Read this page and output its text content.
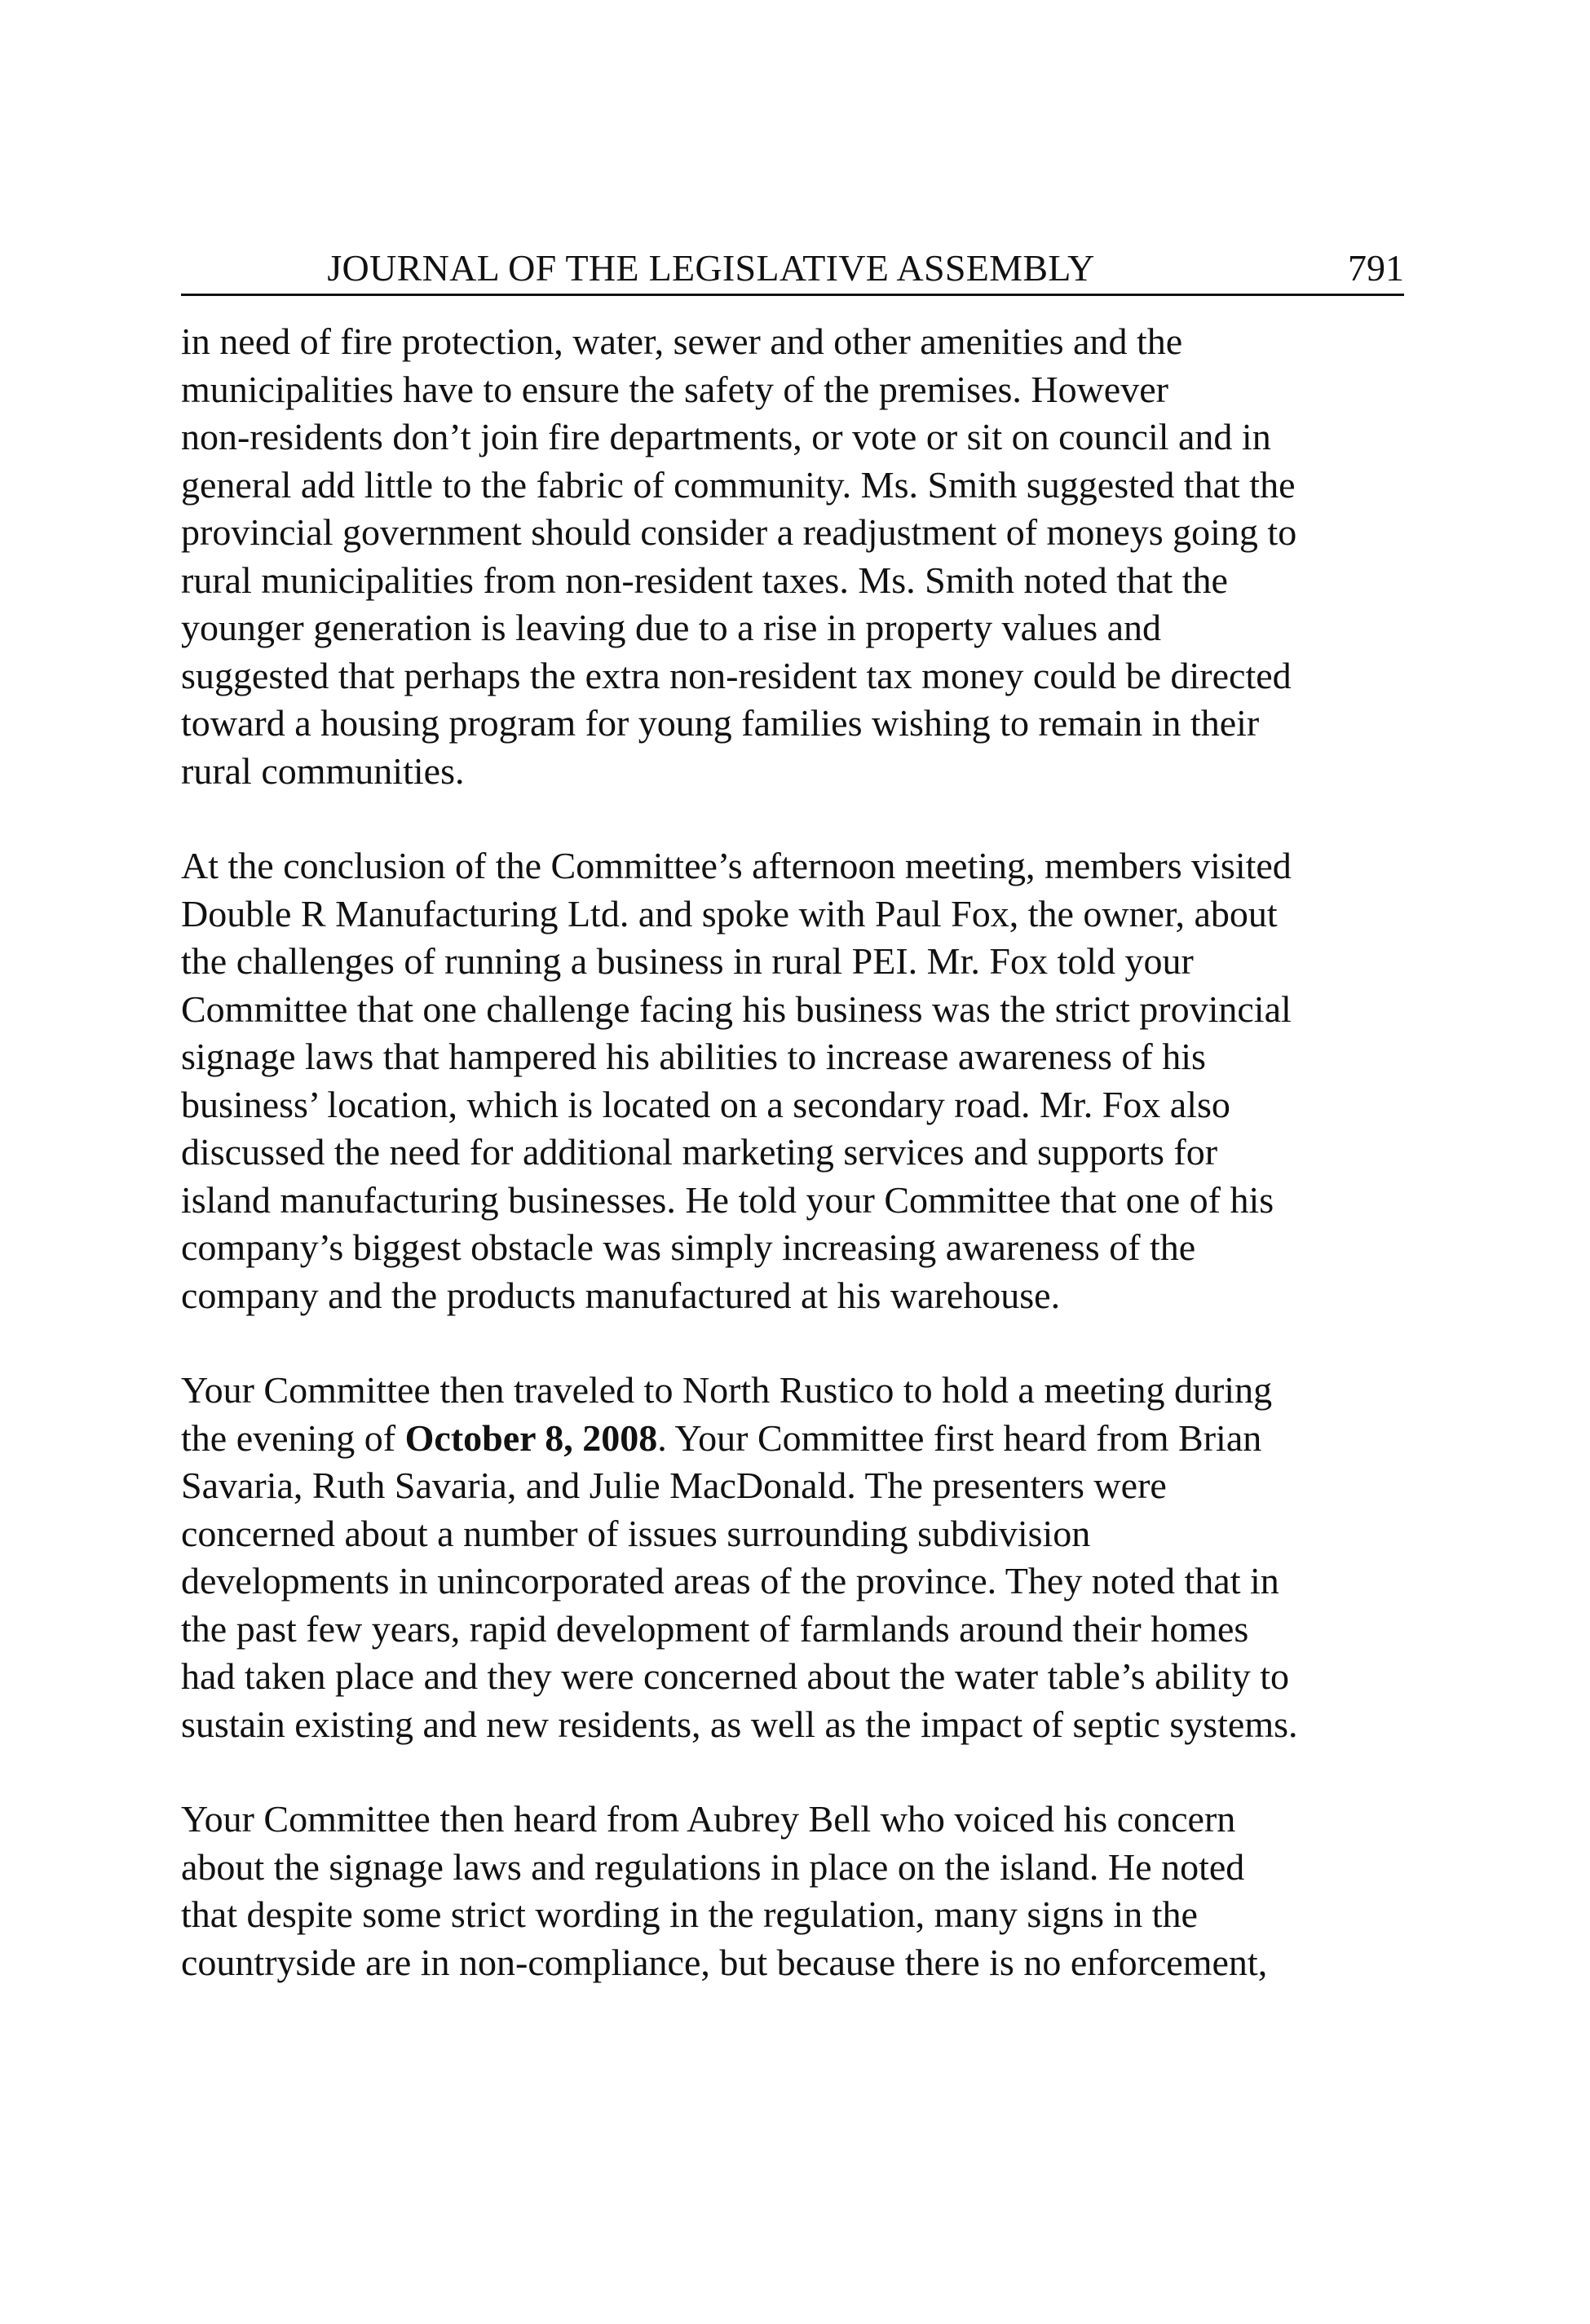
JOURNAL OF THE LEGISLATIVE ASSEMBLY	791

in need of fire protection, water, sewer and other amenities and the
municipalities have to ensure the safety of the premises. However
non-residents don’t join fire departments, or vote or sit on council and in
general add little to the fabric of community. Ms. Smith suggested that the
provincial government should consider a readjustment of moneys going to
rural municipalities from non-resident taxes. Ms. Smith noted that the
younger generation is leaving due to a rise in property values and
suggested that perhaps the extra non-resident tax money could be directed
toward a housing program for young families wishing to remain in their
rural communities.

At the conclusion of the Committee’s afternoon meeting, members visited
Double R Manufacturing Ltd. and spoke with Paul Fox, the owner, about
the challenges of running a business in rural PEI. Mr. Fox told your
Committee that one challenge facing his business was the strict provincial
signage laws that hampered his abilities to increase awareness of his
business’ location, which is located on a secondary road. Mr. Fox also
discussed the need for additional marketing services and supports for
island manufacturing businesses. He told your Committee that one of his
company’s biggest obstacle was simply increasing awareness of the
company and the products manufactured at his warehouse.

Your Committee then traveled to North Rustico to hold a meeting during
the evening of October 8, 2008. Your Committee first heard from Brian
Savaria, Ruth Savaria, and Julie MacDonald. The presenters were
concerned about a number of issues surrounding subdivision
developments in unincorporated areas of the province. They noted that in
the past few years, rapid development of farmlands around their homes
had taken place and they were concerned about the water table’s ability to
sustain existing and new residents, as well as the impact of septic systems.

Your Committee then heard from Aubrey Bell who voiced his concern
about the signage laws and regulations in place on the island. He noted
that despite some strict wording in the regulation, many signs in the
countryside are in non-compliance, but because there is no enforcement,
